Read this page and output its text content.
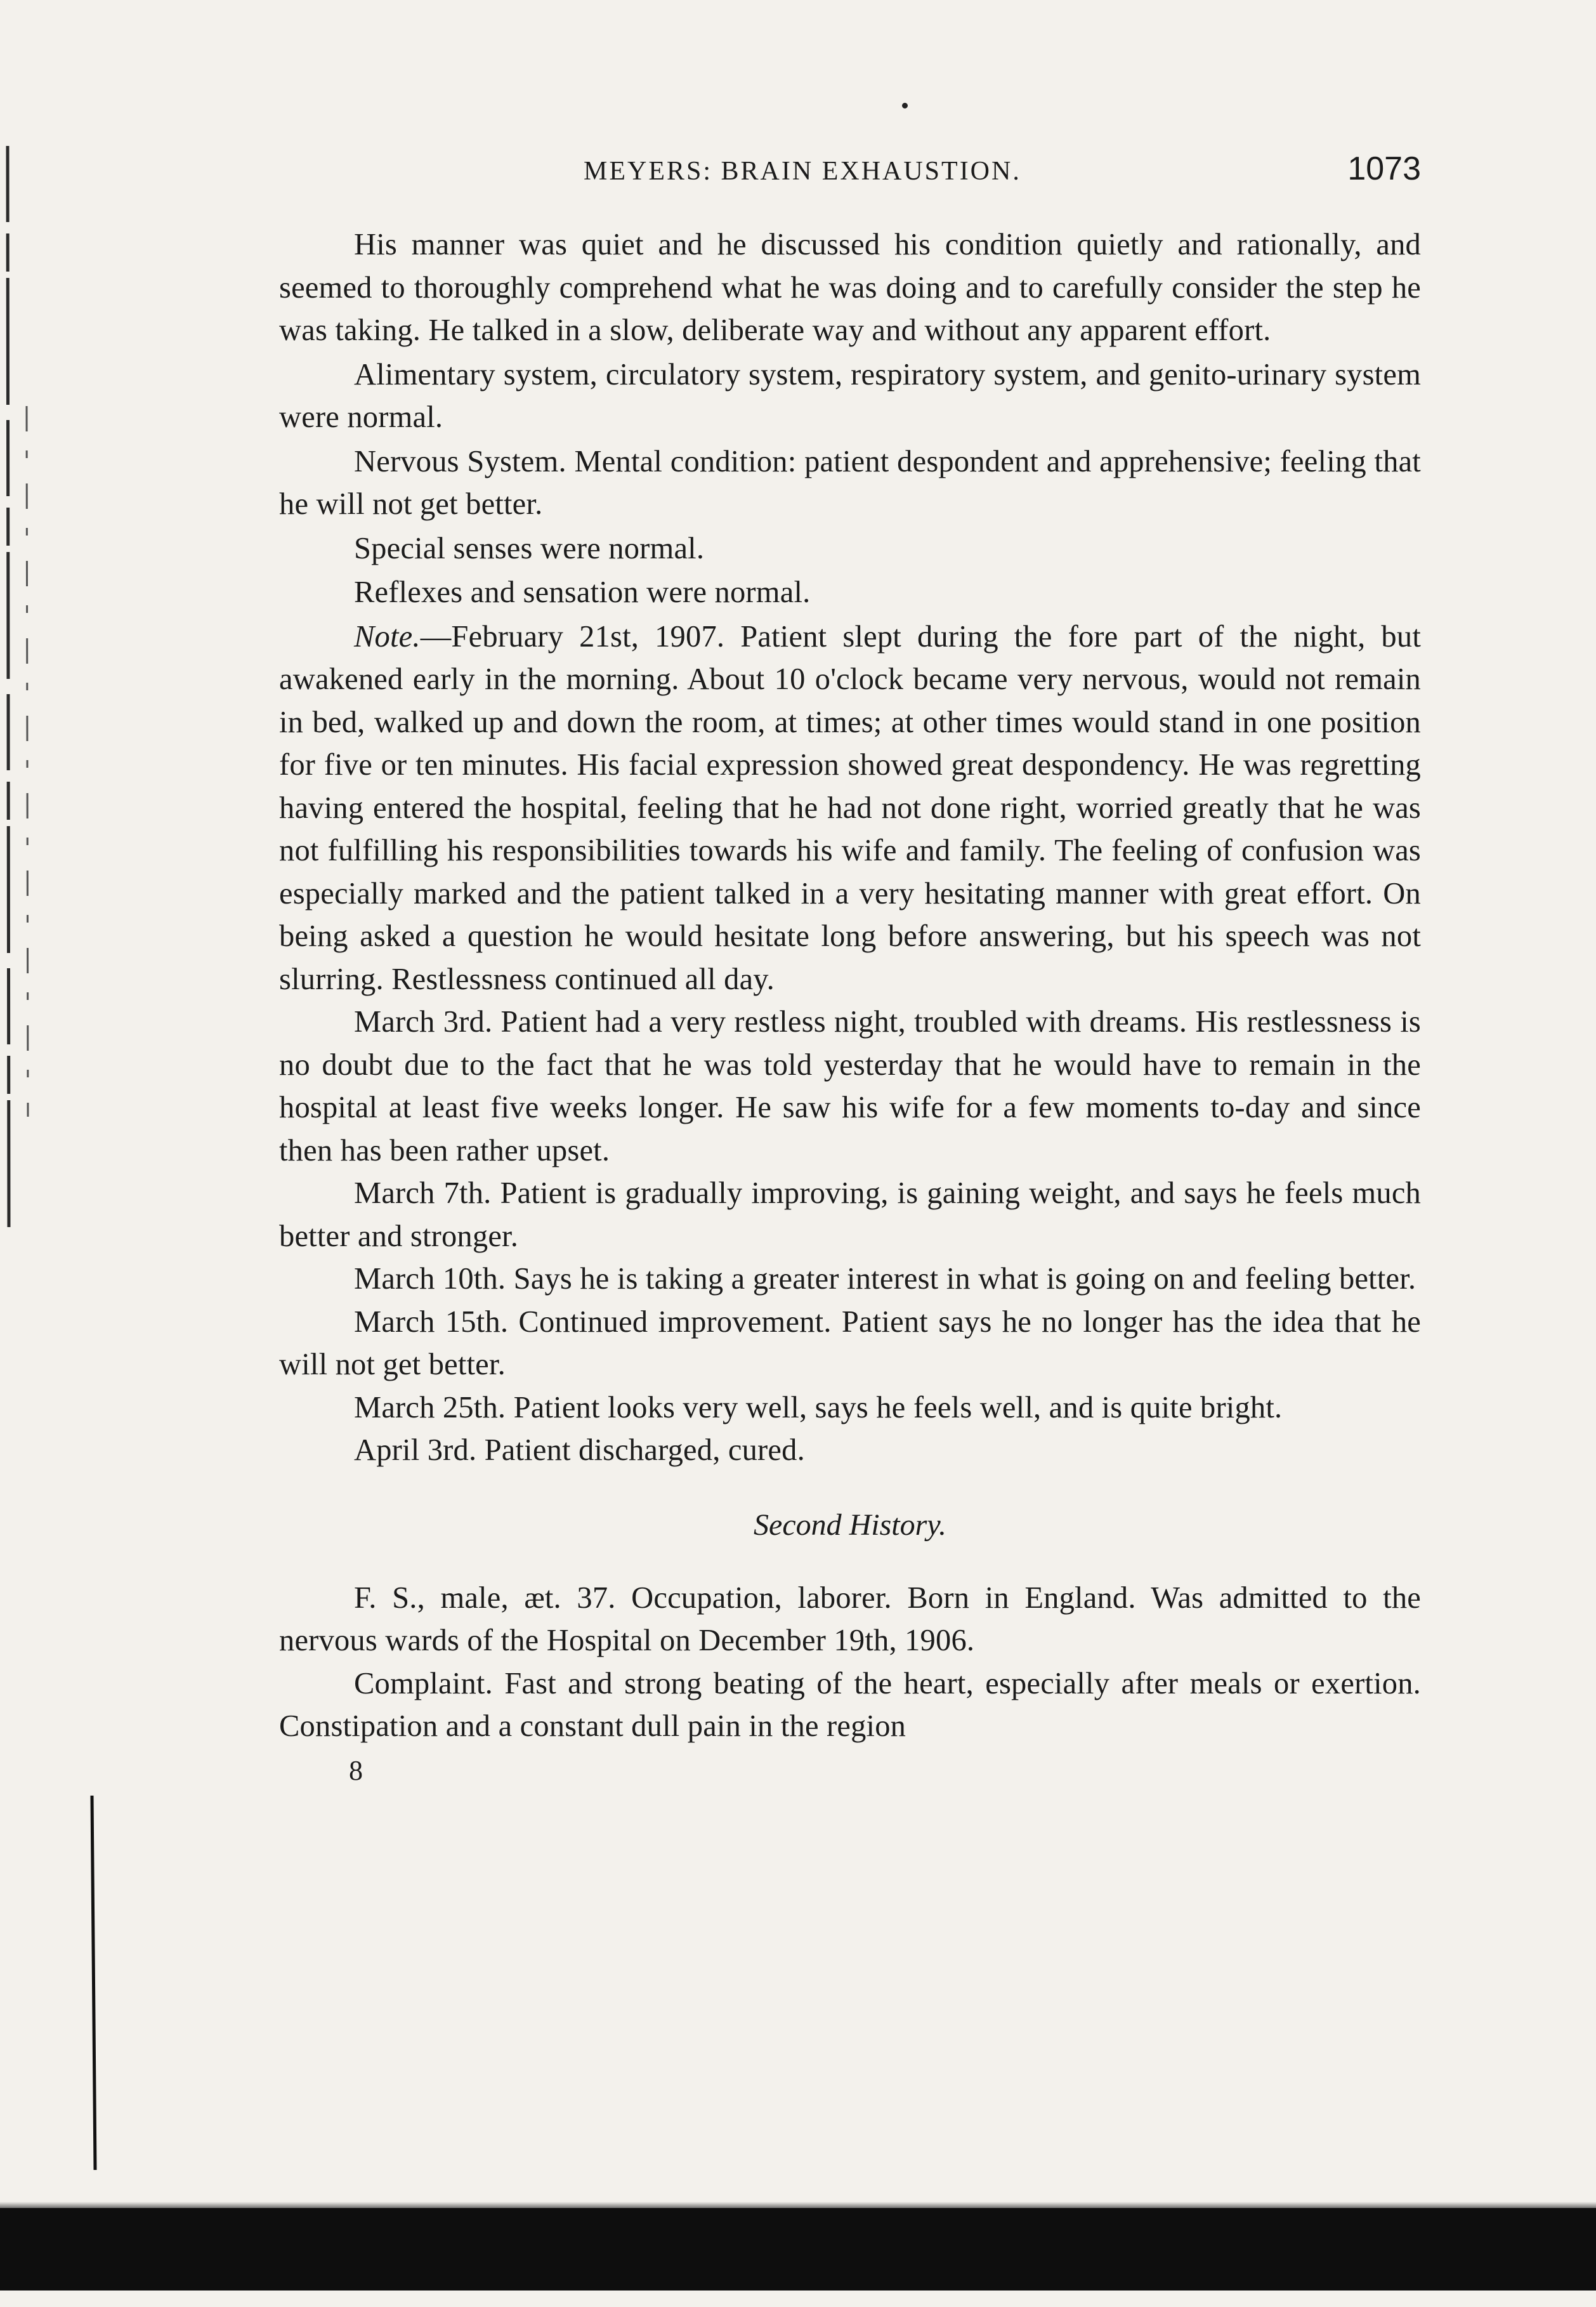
MEYERS: BRAIN EXHAUSTION.	1073

His manner was quiet and he discussed his condition quietly and rationally, and seemed to thoroughly comprehend what he was doing and to carefully consider the step he was taking. He talked in a slow, deliberate way and without any apparent effort.

Alimentary system, circulatory system, respiratory system, and genito-urinary system were normal.

Nervous System. Mental condition: patient despondent and apprehensive; feeling that he will not get better.

Special senses were normal.

Reflexes and sensation were normal.

Note.—February 21st, 1907. Patient slept during the fore part of the night, but awakened early in the morning. About 10 o'clock became very nervous, would not remain in bed, walked up and down the room, at times; at other times would stand in one position for five or ten minutes. His facial expression showed great despondency. He was regretting having entered the hospital, feeling that he had not done right, worried greatly that he was not fulfilling his responsibilities towards his wife and family. The feeling of confusion was especially marked and the patient talked in a very hesitating manner with great effort. On being asked a question he would hesitate long before answering, but his speech was not slurring. Restlessness continued all day.

March 3rd. Patient had a very restless night, troubled with dreams. His restlessness is no doubt due to the fact that he was told yesterday that he would have to remain in the hospital at least five weeks longer. He saw his wife for a few moments to-day and since then has been rather upset.

March 7th. Patient is gradually improving, is gaining weight, and says he feels much better and stronger.

March 10th. Says he is taking a greater interest in what is going on and feeling better.

March 15th. Continued improvement. Patient says he no longer has the idea that he will not get better.

March 25th. Patient looks very well, says he feels well, and is quite bright.

April 3rd. Patient discharged, cured.

Second History.

F. S., male, æt. 37. Occupation, laborer. Born in England. Was admitted to the nervous wards of the Hospital on December 19th, 1906.

Complaint. Fast and strong beating of the heart, especially after meals or exertion. Constipation and a constant dull pain in the region

8
